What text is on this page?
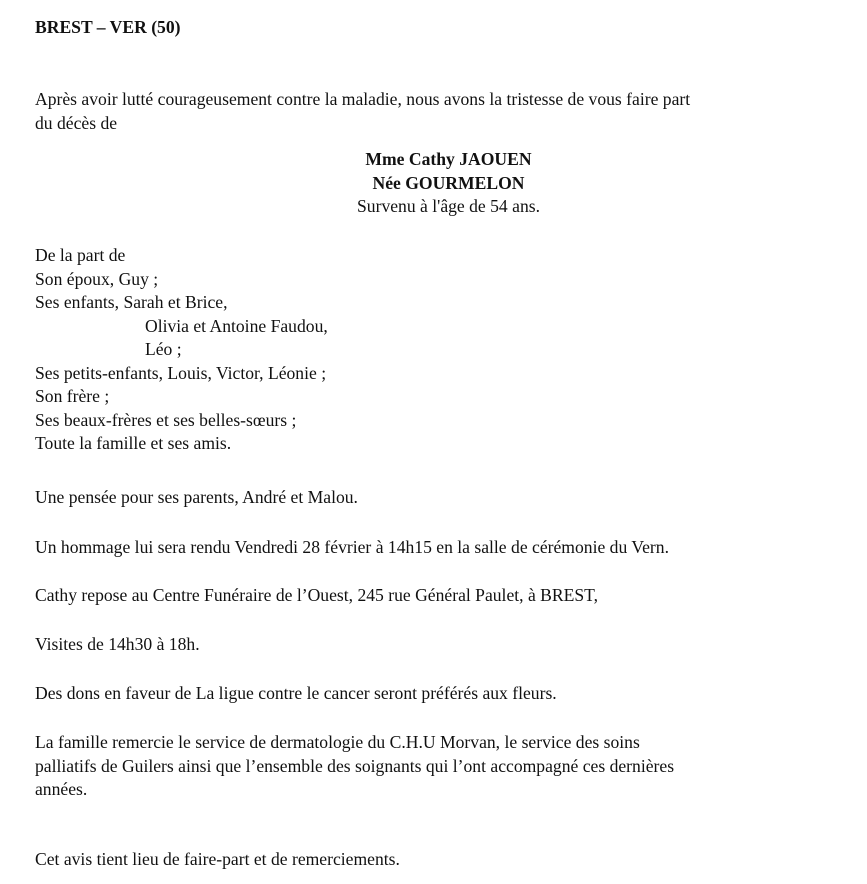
BREST – VER (50)
Après avoir lutté courageusement contre la maladie, nous avons la tristesse de vous faire part
du décès de
Mme Cathy JAOUEN
Née GOURMELON
Survenu à l'âge de 54 ans.
De la part de
Son époux, Guy ;
Ses enfants, Sarah et Brice,
Olivia et Antoine Faudou,
Léo ;
Ses petits-enfants, Louis, Victor, Léonie ;
Son frère ;
Ses beaux-frères et ses belles-sœurs ;
Toute la famille et ses amis.
Une pensée pour ses parents, André et Malou.
Un hommage lui sera rendu Vendredi 28 février à 14h15 en la salle de cérémonie du Vern.
Cathy repose au Centre Funéraire de l’Ouest, 245 rue Général Paulet, à BREST,
Visites de 14h30 à 18h.
Des dons en faveur de La ligue contre le cancer seront préférés aux fleurs.
La famille remercie le service de dermatologie du C.H.U Morvan, le service des soins
palliatifs de Guilers ainsi que l’ensemble des soignants qui l’ont accompagné ces dernières
années.
Cet avis tient lieu de faire-part et de remerciements.
